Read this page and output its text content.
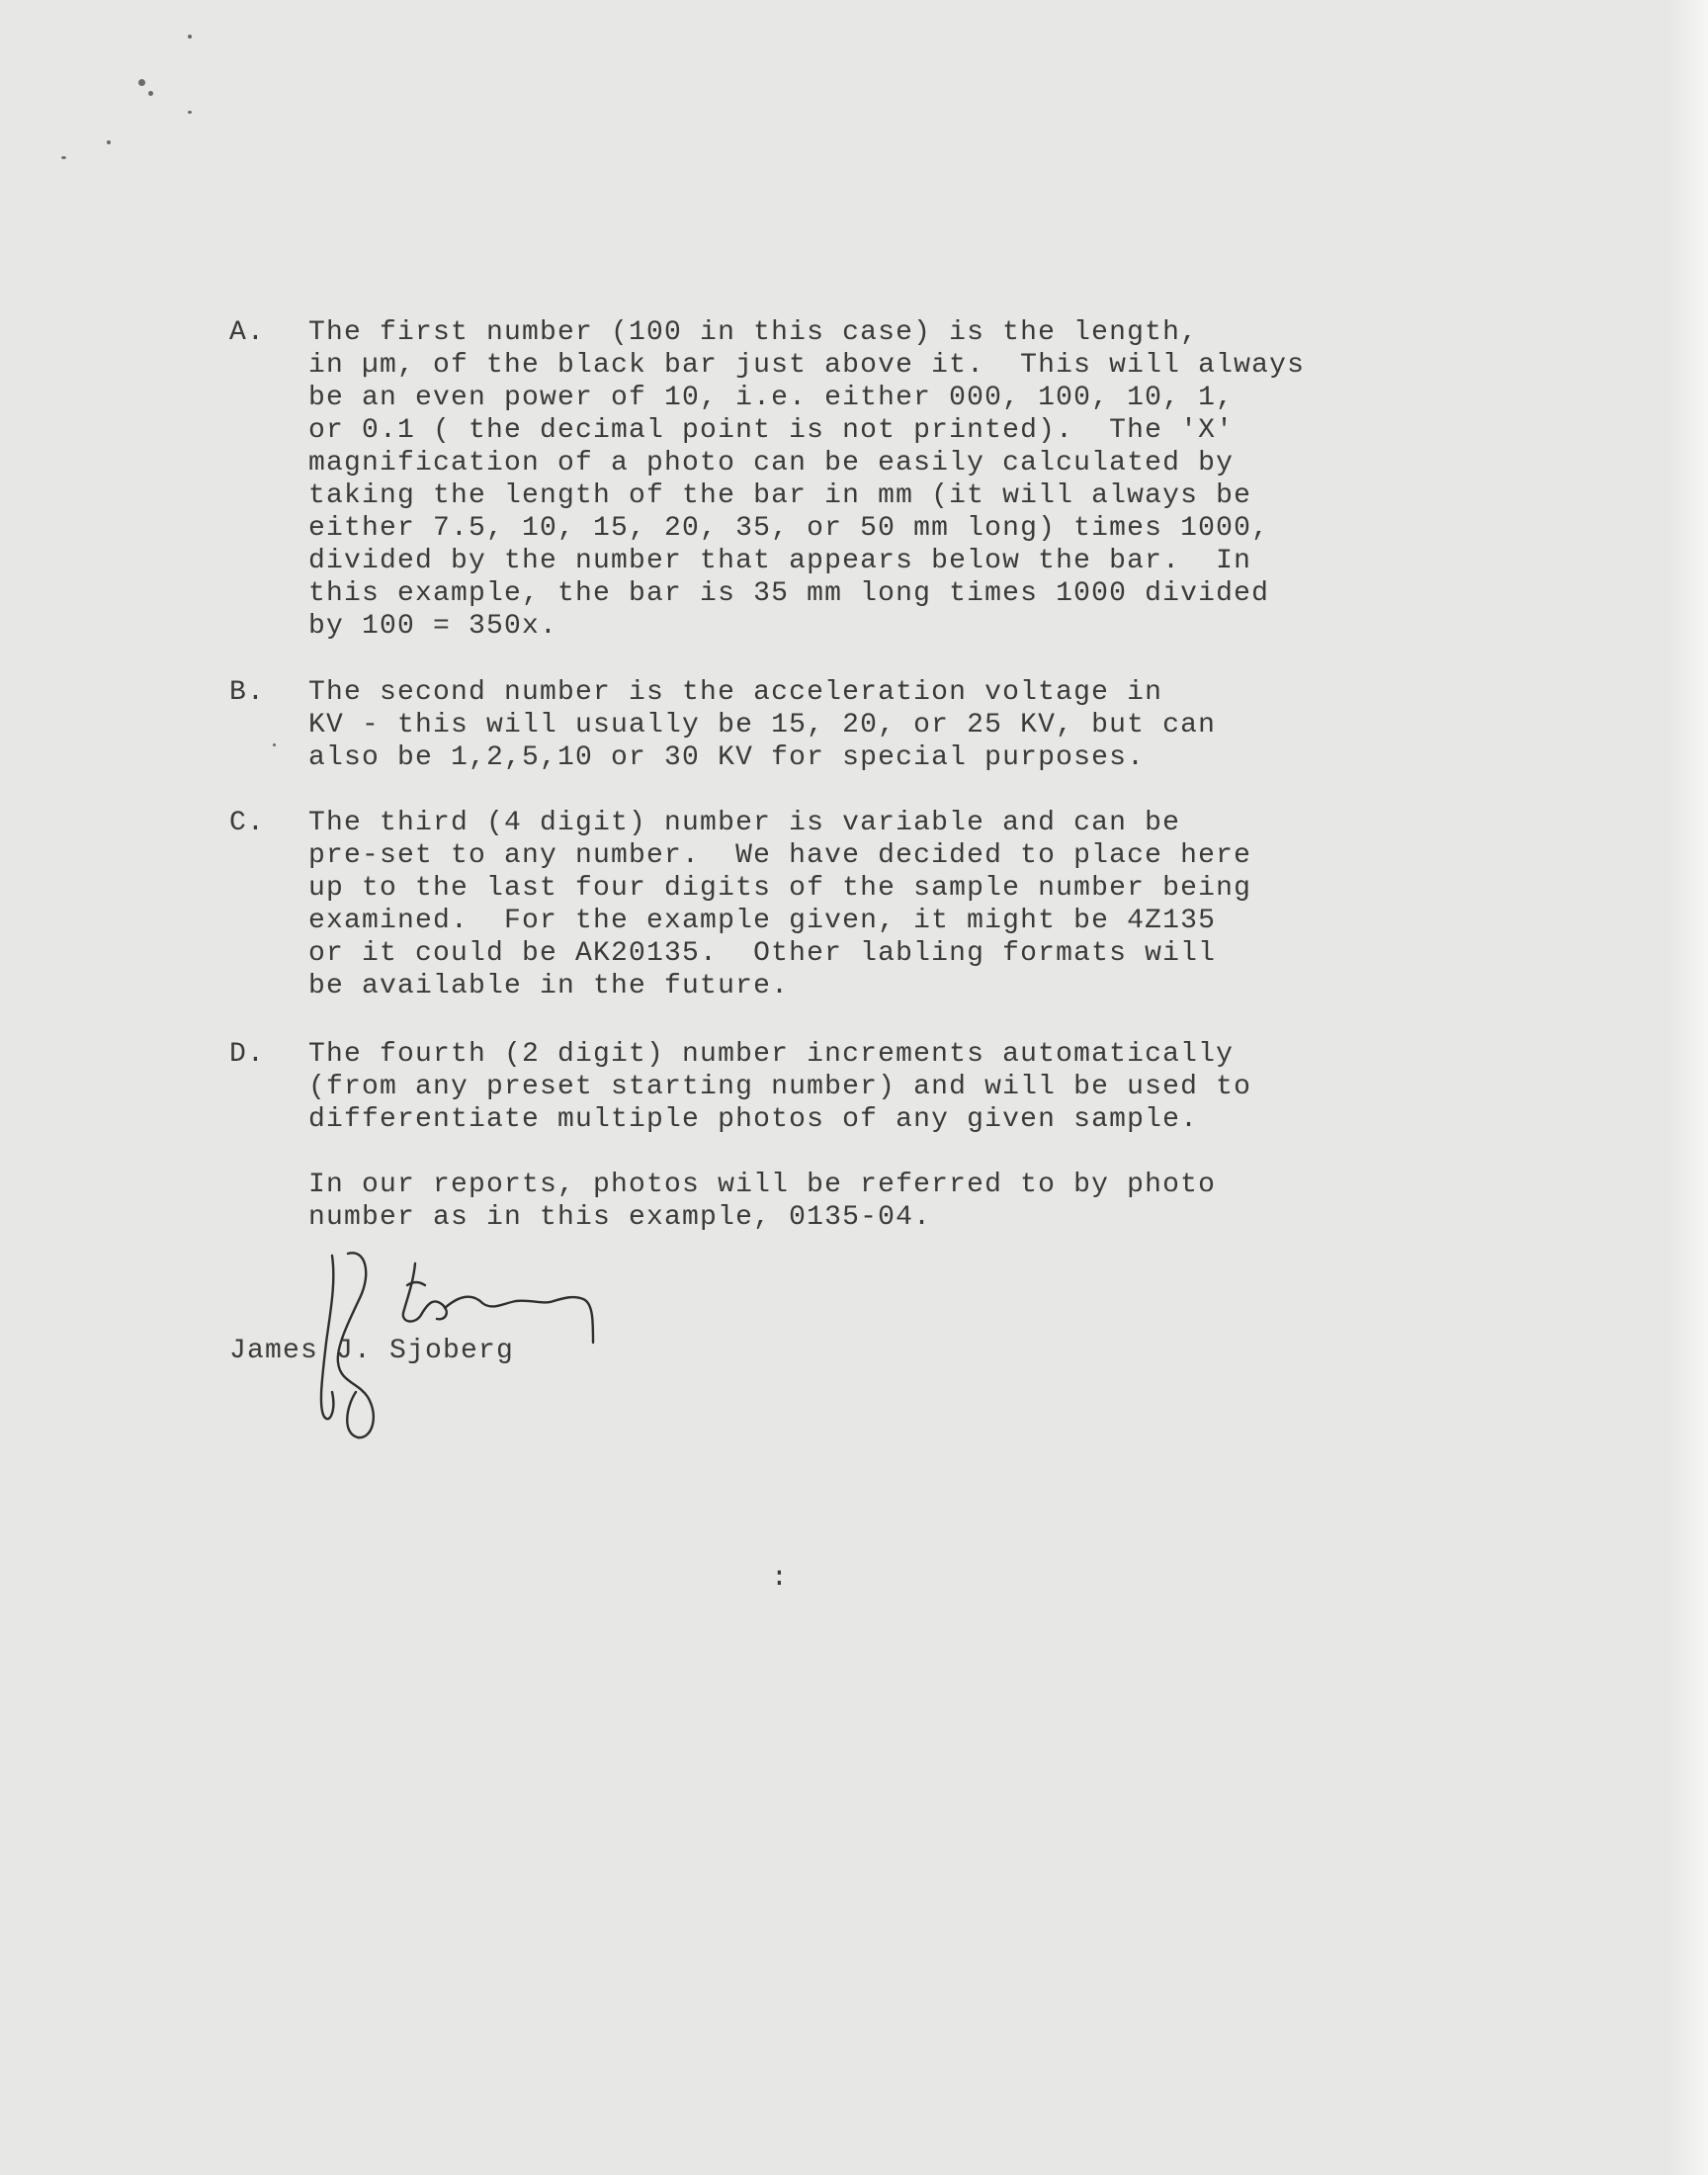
A.	The first number (100 in this case) is the length,
in µm, of the black bar just above it.  This will always
be an even power of 10, i.e. either 000, 100, 10, 1,
or 0.1 ( the decimal point is not printed).  The 'X'
magnification of a photo can be easily calculated by
taking the length of the bar in mm (it will always be
either 7.5, 10, 15, 20, 35, or 50 mm long) times 1000,
divided by the number that appears below the bar.  In
this example, the bar is 35 mm long times 1000 divided
by 100 = 350x.
B.	The second number is the acceleration voltage in
KV - this will usually be 15, 20, or 25 KV, but can
also be 1,2,5,10 or 30 KV for special purposes.
C.	The third (4 digit) number is variable and can be
pre-set to any number.  We have decided to place here
up to the last four digits of the sample number being
examined.  For the example given, it might be 4Z135
or it could be AK20135.  Other labling formats will
be available in the future.
D.	The fourth (2 digit) number increments automatically
(from any preset starting number) and will be used to
differentiate multiple photos of any given sample.
In our reports, photos will be referred to by photo
number as in this example, 0135-04.
James J. Sjoberg
:
